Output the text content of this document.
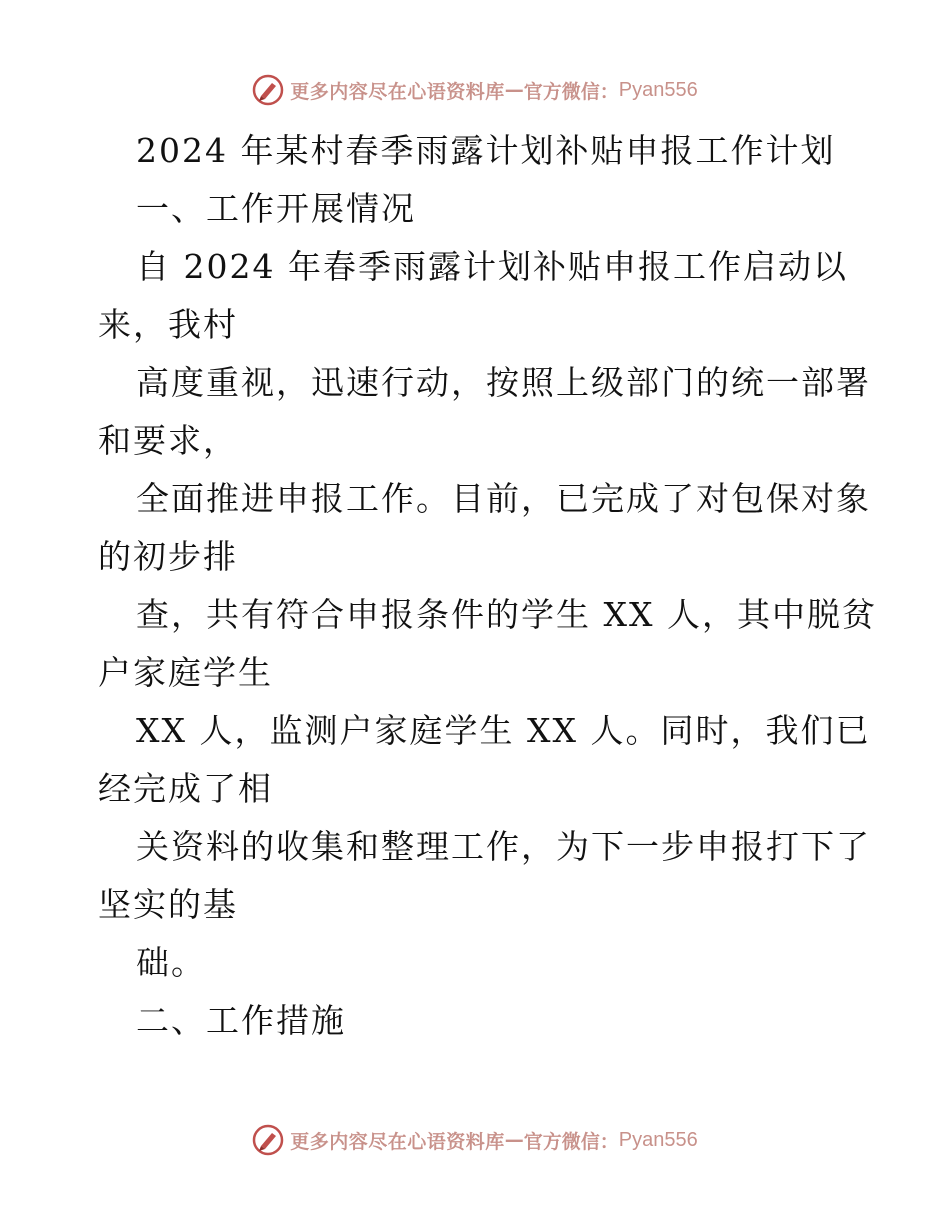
更多内容尽在心语资料库 — 官方微信： Pyan556
2024 年某村春季雨露计划补贴申报工作计划
一、工作开展情况
自 2024 年春季雨露计划补贴申报工作启动以
来，我村
高度重视，迅速行动，按照上级部门的统一部署
和要求，
全面推进申报工作。目前，已完成了对包保对象
的初步排
查，共有符合申报条件的学生 XX 人，其中脱贫
户家庭学生
XX 人，监测户家庭学生 XX 人。同时，我们已
经完成了相
关资料的收集和整理工作，为下一步申报打下了
坚实的基
础。
二、工作措施
更多内容尽在心语资料库 — 官方微信： Pyan556
